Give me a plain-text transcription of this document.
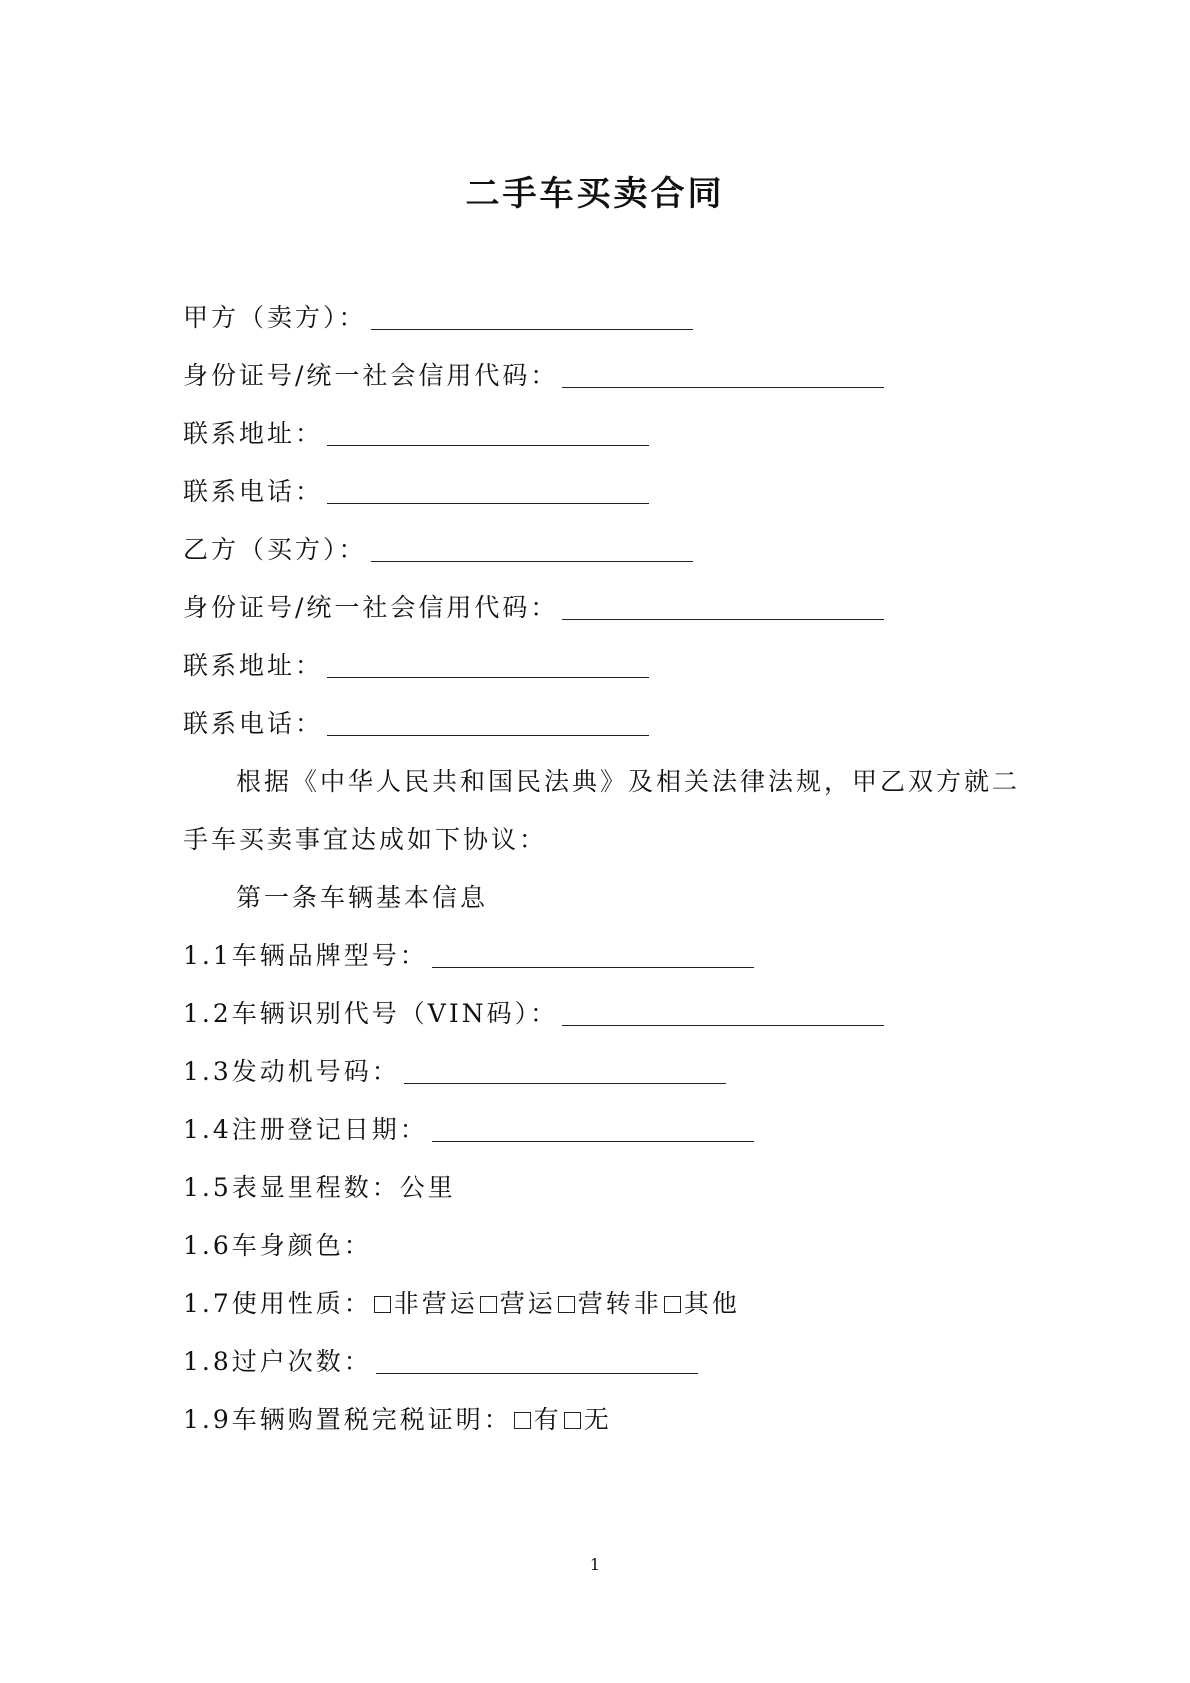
二手车买卖合同
甲方（卖方）：
身份证号/统一社会信用代码：
联系地址：
联系电话：
乙方（买方）：
身份证号/统一社会信用代码：
联系地址：
联系电话：
根据《中华人民共和国民法典》及相关法律法规，甲乙双方就二
手车买卖事宜达成如下协议：
第一条车辆基本信息
1.1车辆品牌型号：
1.2车辆识别代号（VIN码）：
1.3发动机号码：
1.4注册登记日期：
1.5表显里程数：公里
1.6车身颜色：
1.7使用性质： 非营运 营运 营转非 其他
1.8过户次数：
1.9车辆购置税完税证明： 有 无
1
